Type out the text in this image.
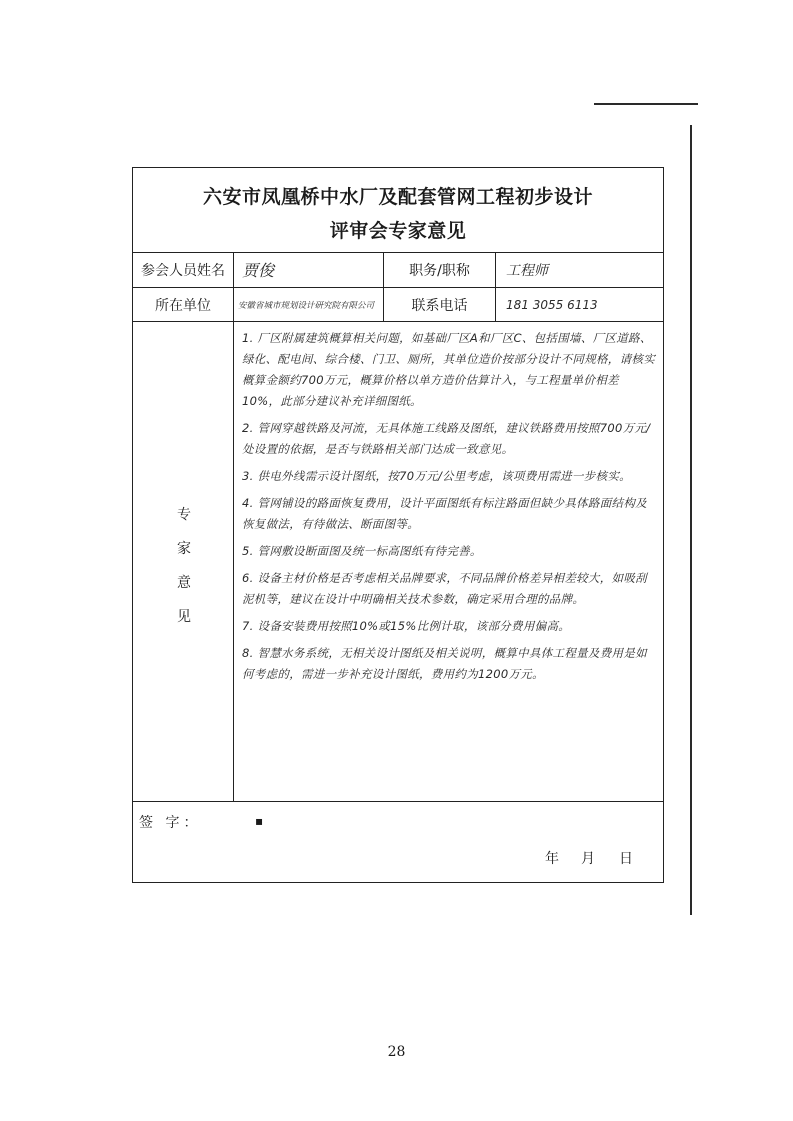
六安市凤凰桥中水厂及配套管网工程初步设计
评审会专家意见
参会人员姓名	贾俊	职务/职称	工程师
所在单位	安徽省城市规划设计研究院有限公司	联系电话	181 3055 6113
专
家
意
见
1. 厂区附属建筑概算相关问题，如基础厂区A和厂区C、包括围墙、厂区道路、绿化、配电间、综合楼、门卫、厕所，其单位造价按部分设计不同规格，请核实概算金额约700万元，概算价格以单方造价估算计入，与工程量单价相差10%，此部分建议补充详细图纸。
2. 管网穿越铁路及河流，无具体施工线路及图纸，建议铁路费用按照700万元/处设置的依据，是否与铁路相关部门达成一致意见。
3. 供电外线需示设计图纸，按70万元/公里考虑，该项费用需进一步核实。
4. 管网铺设的路面恢复费用，设计平面图纸有标注路面但缺少具体路面结构及恢复做法，有待做法、断面图等。
5. 管网敷设断面图及统一标高图纸有待完善。
6. 设备主材价格是否考虑相关品牌要求，不同品牌价格差异相差较大，如吸刮泥机等，建议在设计中明确相关技术参数，确定采用合理的品牌。
7. 设备安装费用按照10%或15%比例计取，该部分费用偏高。
8. 智慧水务系统，无相关设计图纸及相关说明，概算中具体工程量及费用是如何考虑的，需进一步补充设计图纸，费用约为1200万元。
签 字：	▪
年 月 日
28
